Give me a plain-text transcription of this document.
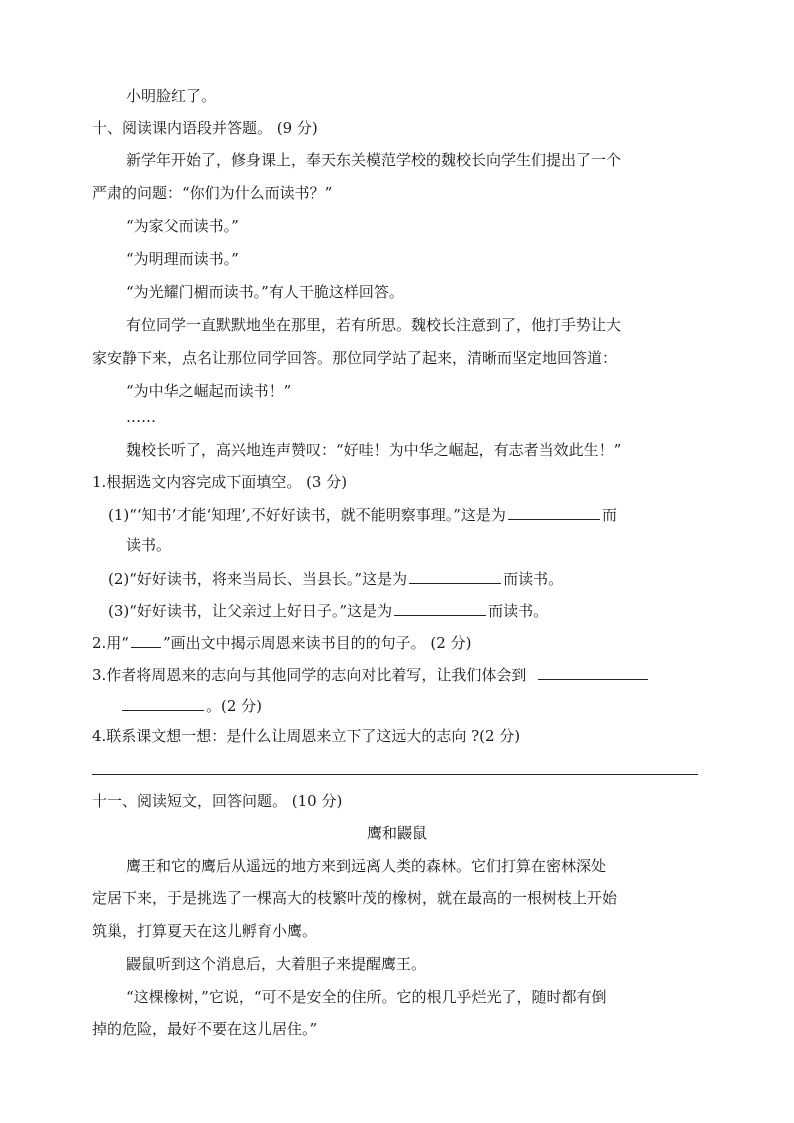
小明脸红了。
十、阅读课内语段并答题。 (9 分)
新学年开始了，修身课上，奉天东关模范学校的魏校长向学生们提出了一个
严肃的问题：“你们为什么而读书？”
“为家父而读书。”
“为明理而读书。”
“为光耀门楣而读书。”有人干脆这样回答。
有位同学一直默默地坐在那里，若有所思。魏校长注意到了，他打手势让大
家安静下来，点名让那位同学回答。那位同学站了起来，清晰而坚定地回答道：
“为中华之崛起而读书！”
……
魏校长听了，高兴地连声赞叹：“好哇！为中华之崛起，有志者当效此生！”
1.根据选文内容完成下面填空。 (3 分)
(1)“‘知书’才能‘知理’,不好好读书，就不能明察事理。”这是为	而
读书。
(2)“好好读书，将来当局长、当县长。”这是为	而读书。
(3)“好好读书，让父亲过上好日子。”这是为	而读书。
2.用“ ”画出文中揭示周恩来读书目的的句子。 (2 分)
3.作者将周恩来的志向与其他同学的志向对比着写，让我们体会到
。(2 分)
4.联系课文想一想：是什么让周恩来立下了这远大的志向 ?(2 分)
十一、阅读短文，回答问题。 (10 分)
鹰和鼹鼠
鹰王和它的鹰后从遥远的地方来到远离人类的森林。它们打算在密林深处
定居下来，于是挑选了一棵高大的枝繁叶茂的橡树，就在最高的一根树枝上开始
筑巢，打算夏天在这儿孵育小鹰。
鼹鼠听到这个消息后，大着胆子来提醒鹰王。
“这棵橡树，”它说，“可不是安全的住所。它的根几乎烂光了，随时都有倒
掉的危险，最好不要在这儿居住。”
